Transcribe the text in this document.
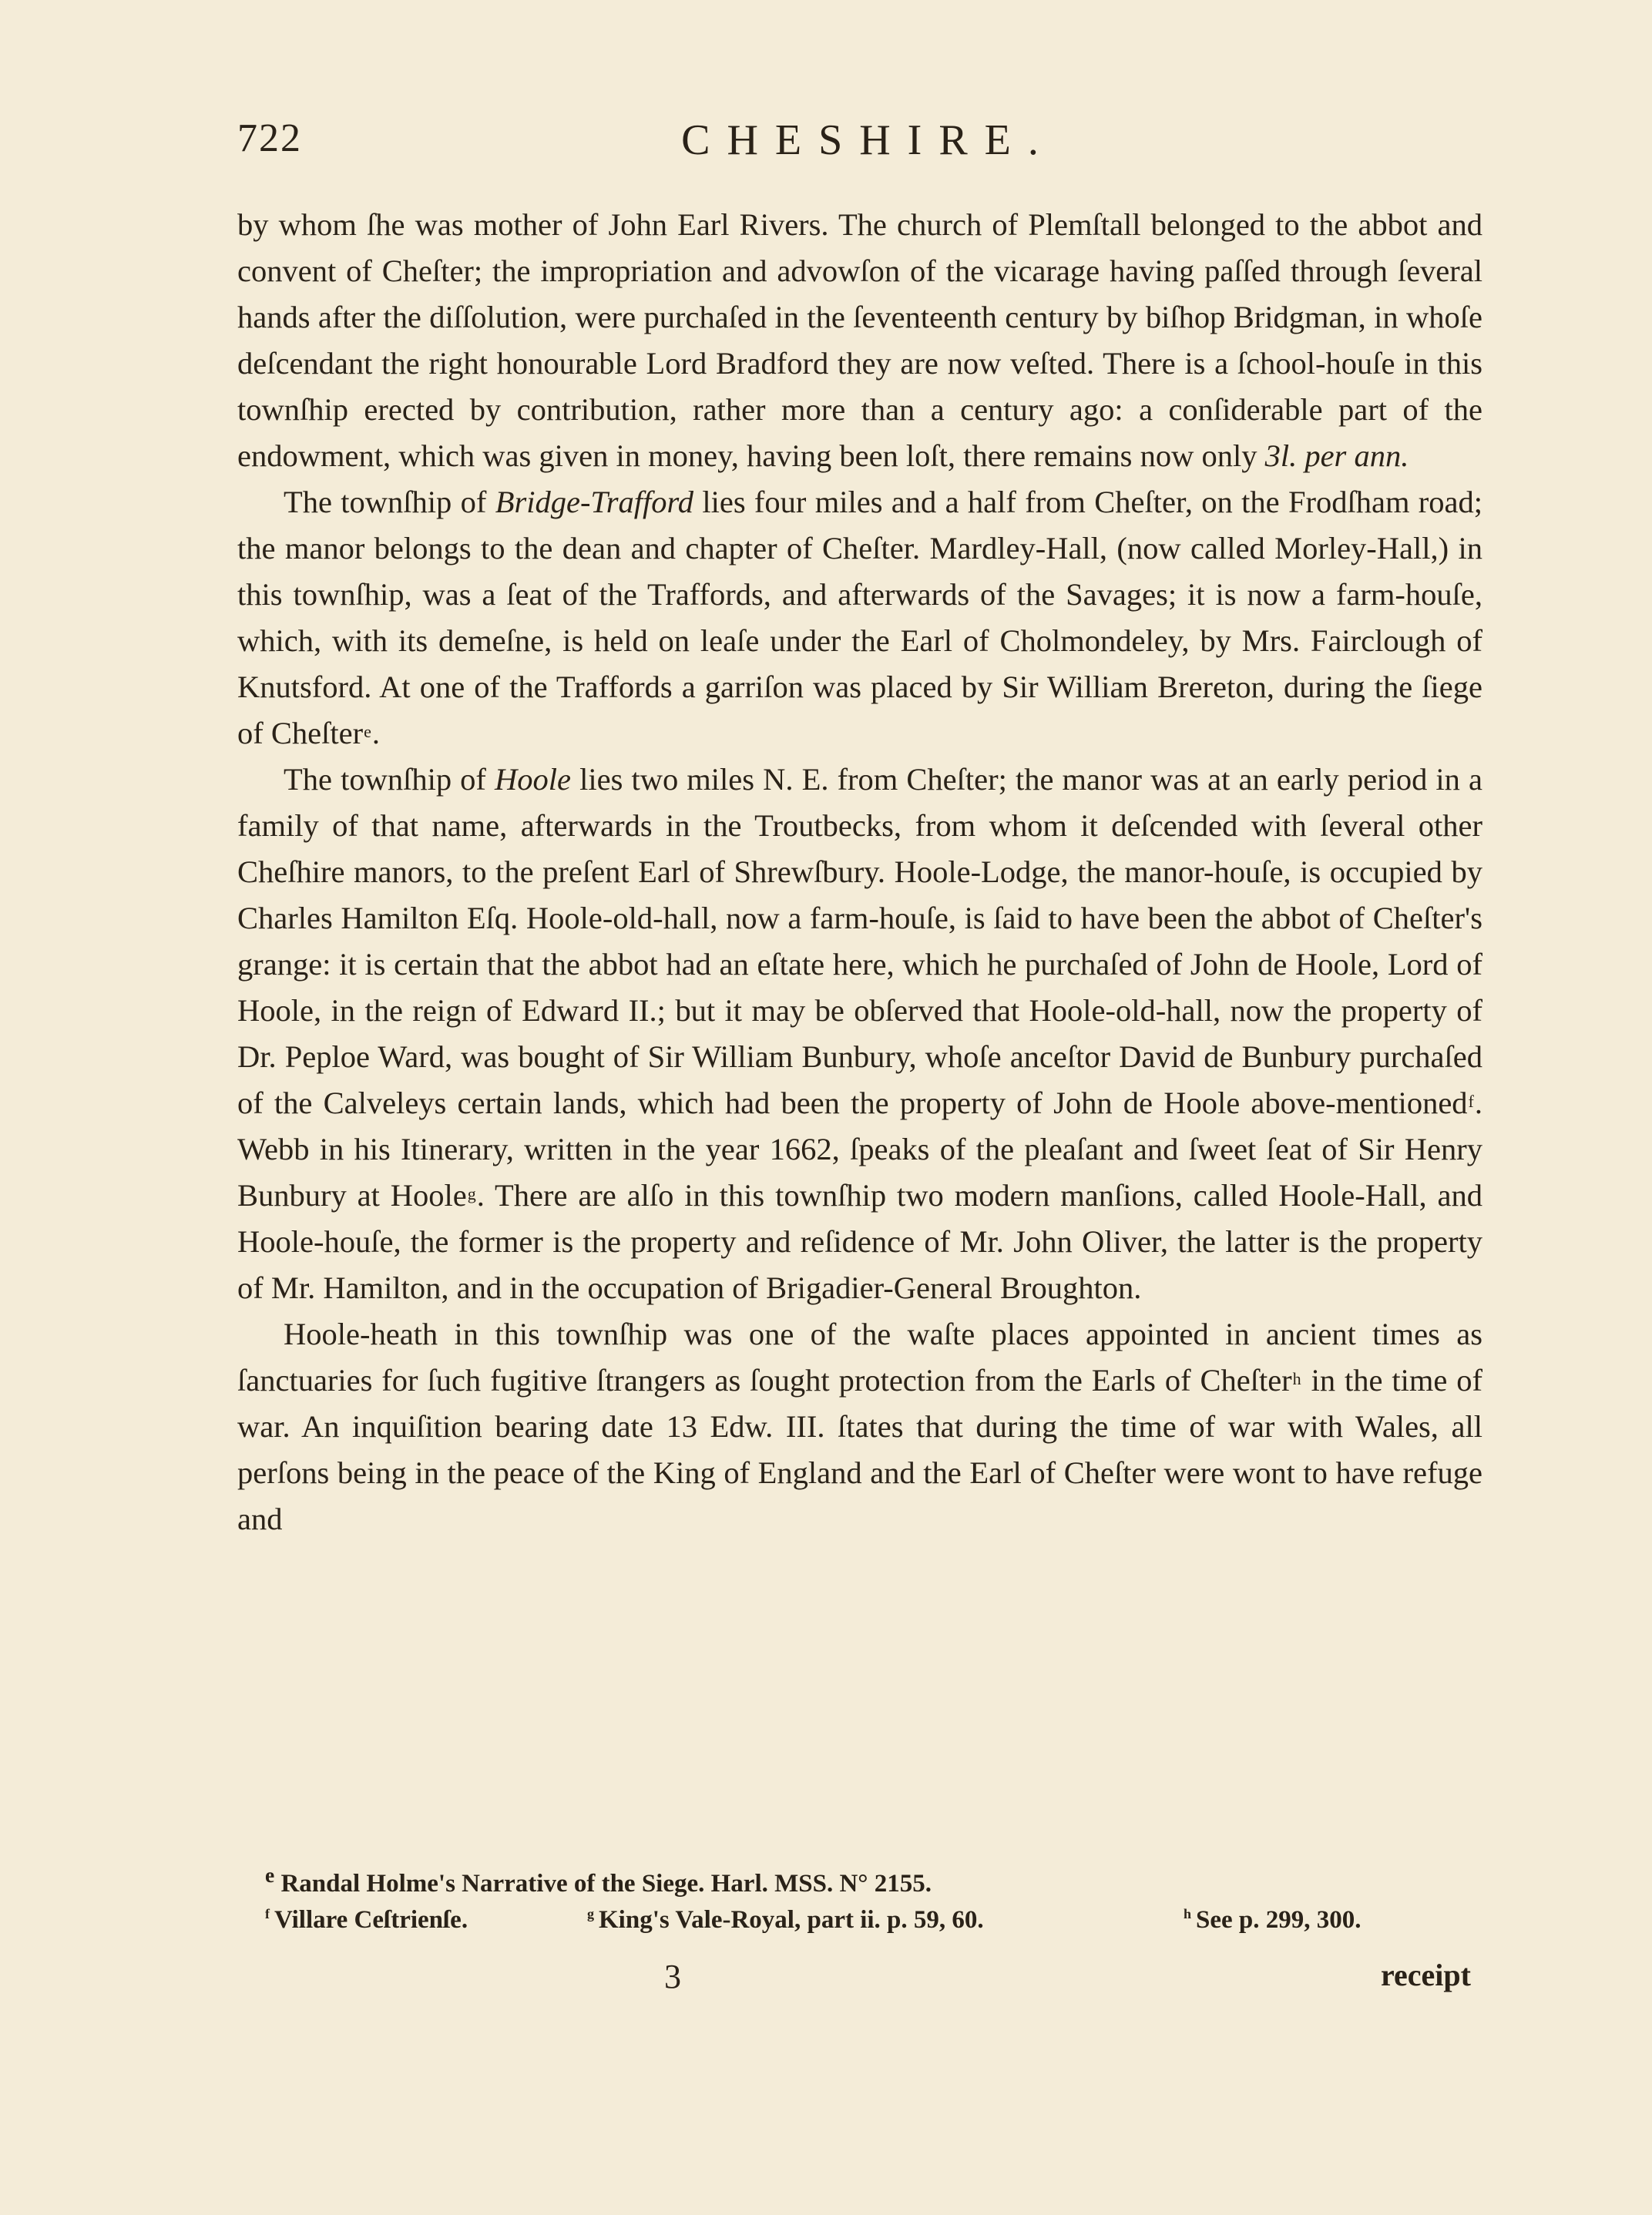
722	CHESHIRE.

by whom ſhe was mother of John Earl Rivers. The church of Plemſtall belonged to the abbot and convent of Cheſter; the impropriation and advowſon of the vicarage having paſſed through ſeveral hands after the diſſolution, were purchaſed in the ſeventeenth century by biſhop Bridgman, in whoſe deſcendant the right honourable Lord Bradford they are now veſted. There is a ſchool-houſe in this townſhip erected by contribution, rather more than a century ago: a conſiderable part of the endowment, which was given in money, having been loſt, there remains now only 3l. per ann.

The townſhip of Bridge-Trafford lies four miles and a half from Cheſter, on the Frodſham road; the manor belongs to the dean and chapter of Cheſter. Mardley-Hall, (now called Morley-Hall,) in this townſhip, was a ſeat of the Traffords, and afterwards of the Savages; it is now a farm-houſe, which, with its demeſne, is held on leaſe under the Earl of Cholmondeley, by Mrs. Fairclough of Knutsford. At one of the Traffords a garriſon was placed by Sir William Brereton, during the ſiege of Cheſter$^e$.

The townſhip of Hoole lies two miles N. E. from Cheſter; the manor was at an early period in a family of that name, afterwards in the Troutbecks, from whom it deſcended with ſeveral other Cheſhire manors, to the preſent Earl of Shrewſbury. Hoole-Lodge, the manor-houſe, is occupied by Charles Hamilton Eſq. Hoole-old-hall, now a farm-houſe, is ſaid to have been the abbot of Cheſter's grange: it is certain that the abbot had an eſtate here, which he purchaſed of John de Hoole, Lord of Hoole, in the reign of Edward II.; but it may be obſerved that Hoole-old-hall, now the property of Dr. Peploe Ward, was bought of Sir William Bunbury, whoſe anceſtor David de Bunbury purchaſed of the Calveleys certain lands, which had been the property of John de Hoole above-mentioned$^f$. Webb in his Itinerary, written in the year 1662, ſpeaks of the pleaſant and ſweet ſeat of Sir Henry Bunbury at Hoole$^g$. There are alſo in this townſhip two modern manſions, called Hoole-Hall, and Hoole-houſe, the former is the property and reſidence of Mr. John Oliver, the latter is the property of Mr. Hamilton, and in the occupation of Brigadier-General Broughton.

Hoole-heath in this townſhip was one of the waſte places appointed in ancient times as ſanctuaries for ſuch fugitive ſtrangers as ſought protection from the Earls of Cheſter$^h$ in the time of war. An inquiſition bearing date 13 Edw. III. ſtates that during the time of war with Wales, all perſons being in the peace of the King of England and the Earl of Cheſter were wont to have refuge and

$^e$ Randal Holme's Narrative of the Siege. Harl. MSS. N° 2155.
$^f$ Villare Ceſtrienſe.	$^g$ King's Vale-Royal, part ii. p. 59, 60.	$^h$ See p. 299, 300.
3	receipt
